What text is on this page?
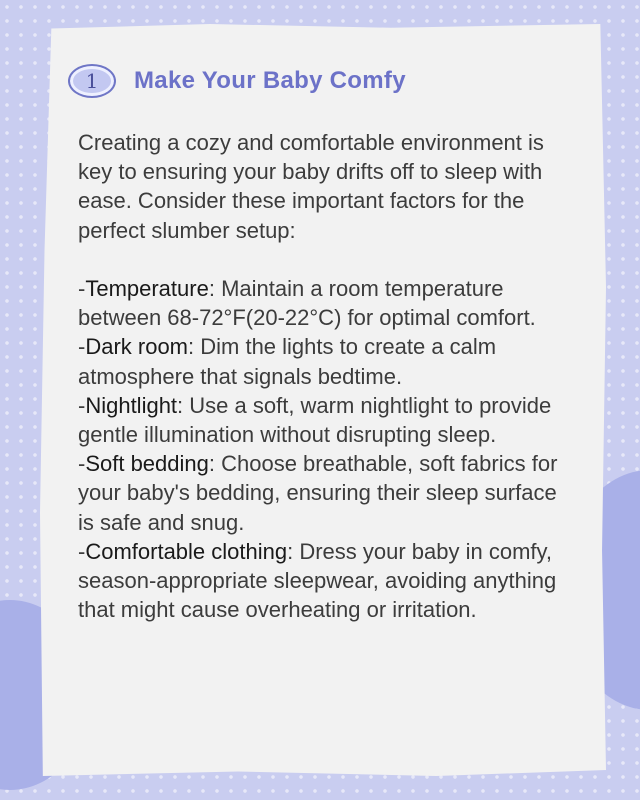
1 Make Your Baby Comfy

Creating a cozy and comfortable environment is key to ensuring your baby drifts off to sleep with ease. Consider these important factors for the perfect slumber setup:

-Temperature: Maintain a room temperature between 68-72°F(20-22°C) for optimal comfort.

-Dark room: Dim the lights to create a calm atmosphere that signals bedtime.

-Nightlight: Use a soft, warm nightlight to provide gentle illumination without disrupting sleep.

-Soft bedding: Choose breathable, soft fabrics for your baby's bedding, ensuring their sleep surface is safe and snug.

-Comfortable clothing: Dress your baby in comfy, season-appropriate sleepwear, avoiding anything that might cause overheating or irritation.
